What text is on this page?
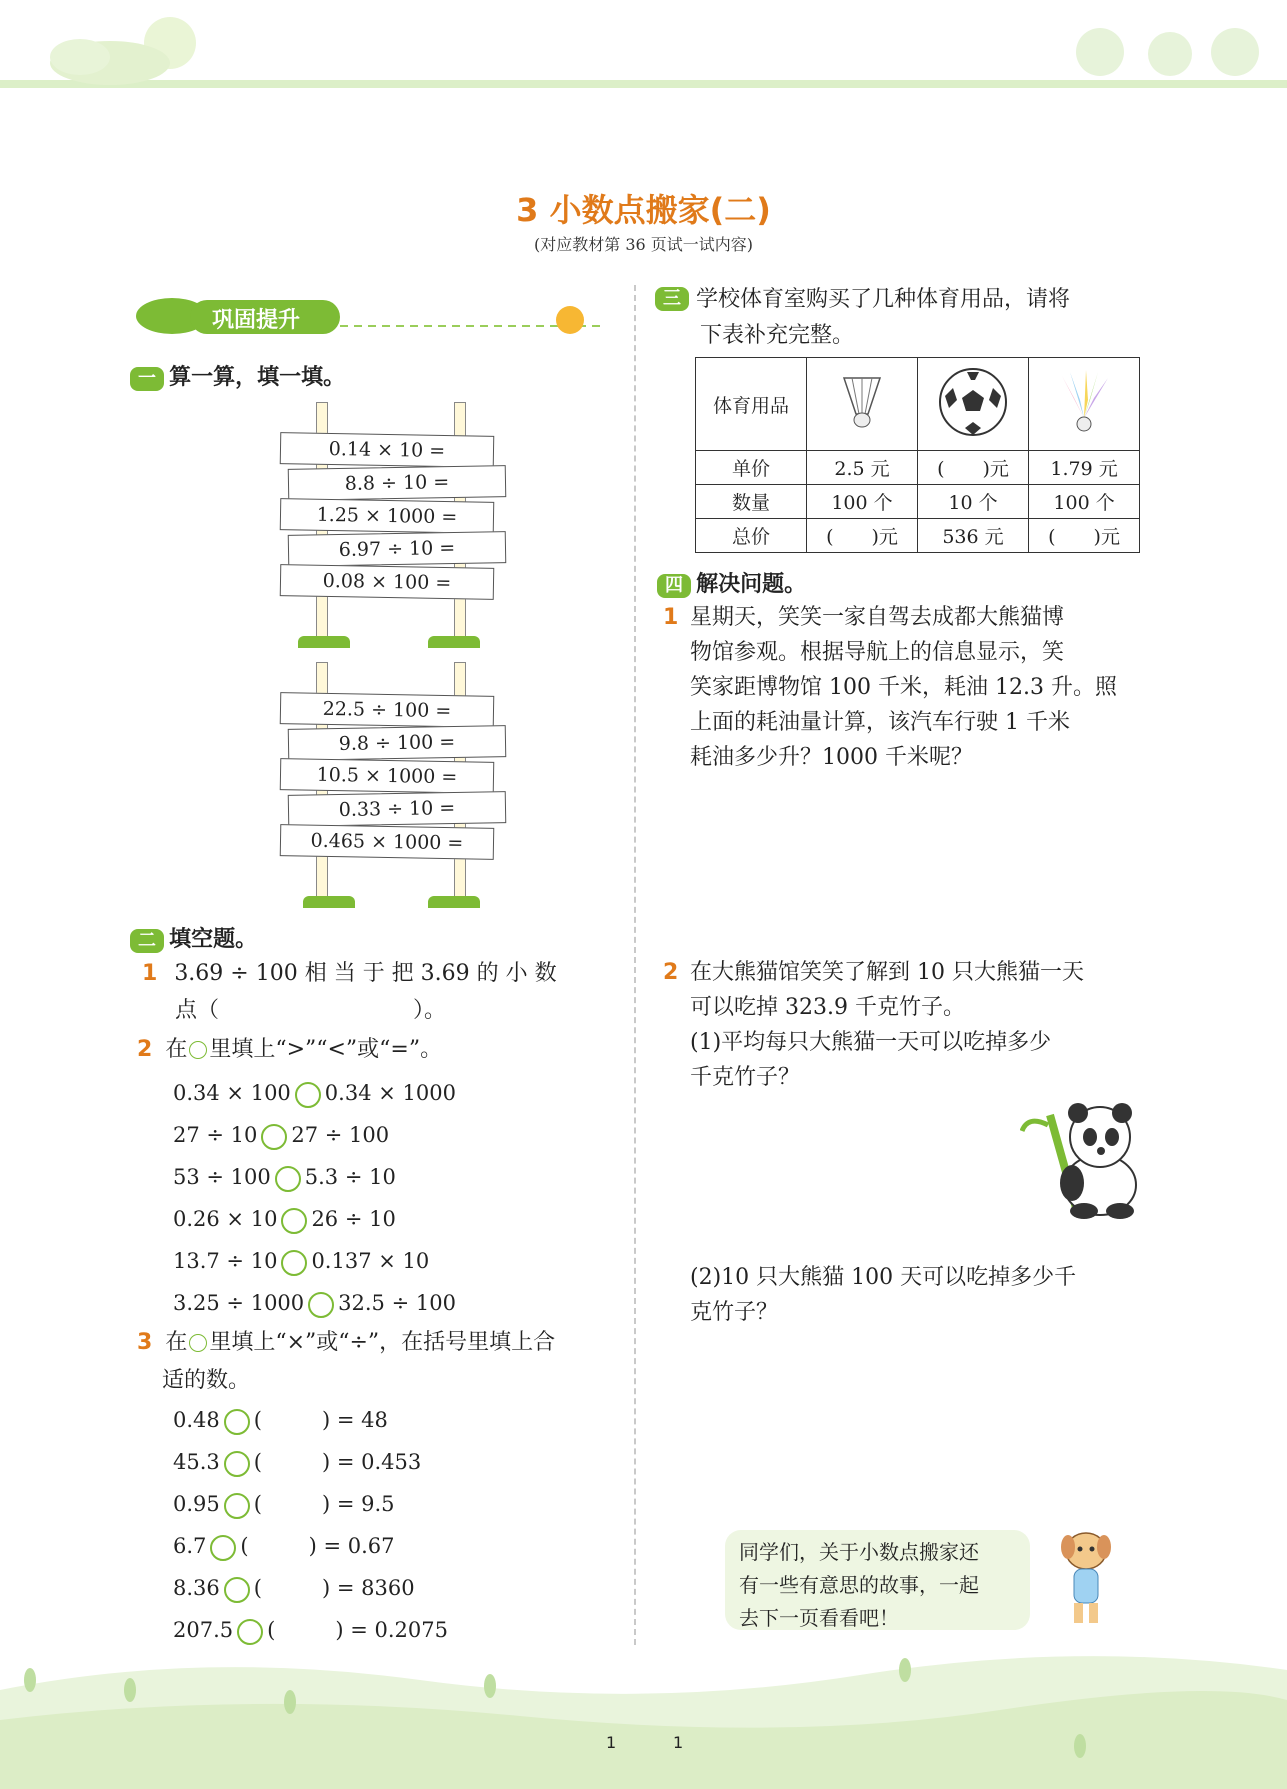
3 小数点搬家(二)
(对应教材第 36 页试一试内容)
巩固提升
一 算一算，填一填。
0.14 × 10 =
8.8 ÷ 10 =
1.25 × 1000 =
6.97 ÷ 10 =
0.08 × 100 =
22.5 ÷ 100 =
9.8 ÷ 100 =
10.5 × 1000 =
0.33 ÷ 10 =
0.465 × 1000 =
二 填空题。
1 3.69 ÷ 100 相 当 于 把 3.69 的 小 数
点（	）。
2 在 里填上“>”“<”或“=”。
0.34 × 100 0.34 × 1000
27 ÷ 10 27 ÷ 100
53 ÷ 100 5.3 ÷ 10
0.26 × 10 26 ÷ 10
13.7 ÷ 10 0.137 × 10
3.25 ÷ 1000 32.5 ÷ 100
3 在 里填上“×”或“÷”，在括号里填上合
适的数。
0.48 (	) = 48
45.3 (	) = 0.453
0.95 (	) = 9.5
6.7 (	) = 0.67
8.36 (	) = 8360
207.5 (	) = 0.2075
三 学校体育室购买了几种体育用品，请将
下表补充完整。
体育用品			
单价	2.5 元	(　　)元	1.79 元
数量	100 个	10 个	100 个
总价	(　　)元	536 元	(　　)元
四 解决问题。
1 星期天，笑笑一家自驾去成都大熊猫博
物馆参观。根据导航上的信息显示，笑
笑家距博物馆 100 千米，耗油 12.3 升。照
上面的耗油量计算，该汽车行驶 1 千米
耗油多少升？1000 千米呢？
2 在大熊猫馆笑笑了解到 10 只大熊猫一天
可以吃掉 323.9 千克竹子。
(1)平均每只大熊猫一天可以吃掉多少
千克竹子？
(2)10 只大熊猫 100 天可以吃掉多少千
克竹子？
同学们，关于小数点搬家还
有一些有意思的故事，一起
去下一页看看吧！
1	1
